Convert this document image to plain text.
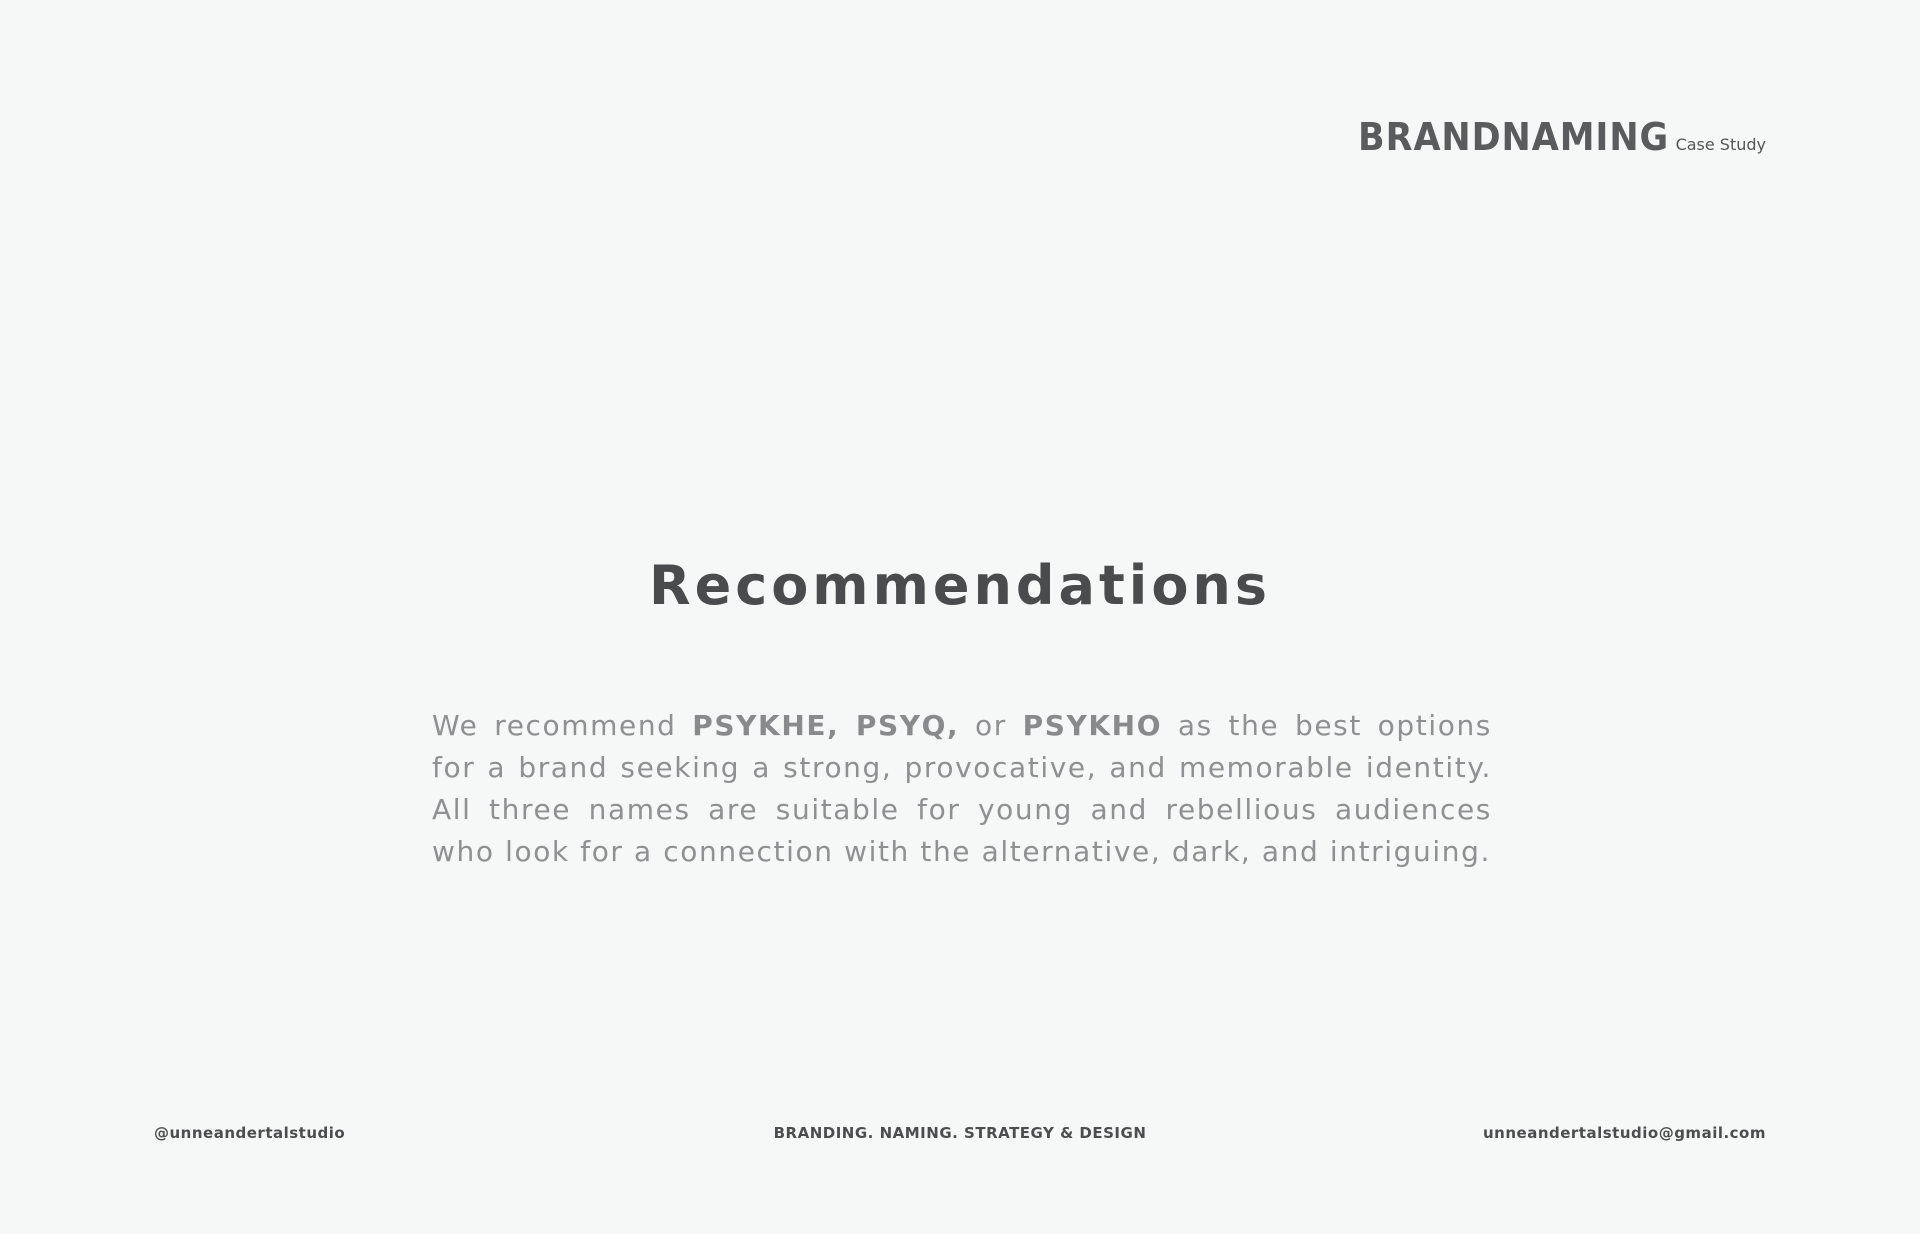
BRANDNAMING Case Study
Recommendations

We recommend PSYKHE, PSYQ, or PSYKHO as the best options for a brand seeking a strong, provocative, and memorable identity. All three names are suitable for young and rebellious audiences who look for a connection with the alternative, dark, and intriguing.

@unneandertalstudio	BRANDING. NAMING. STRATEGY & DESIGN	unneandertalstudio@gmail.com
